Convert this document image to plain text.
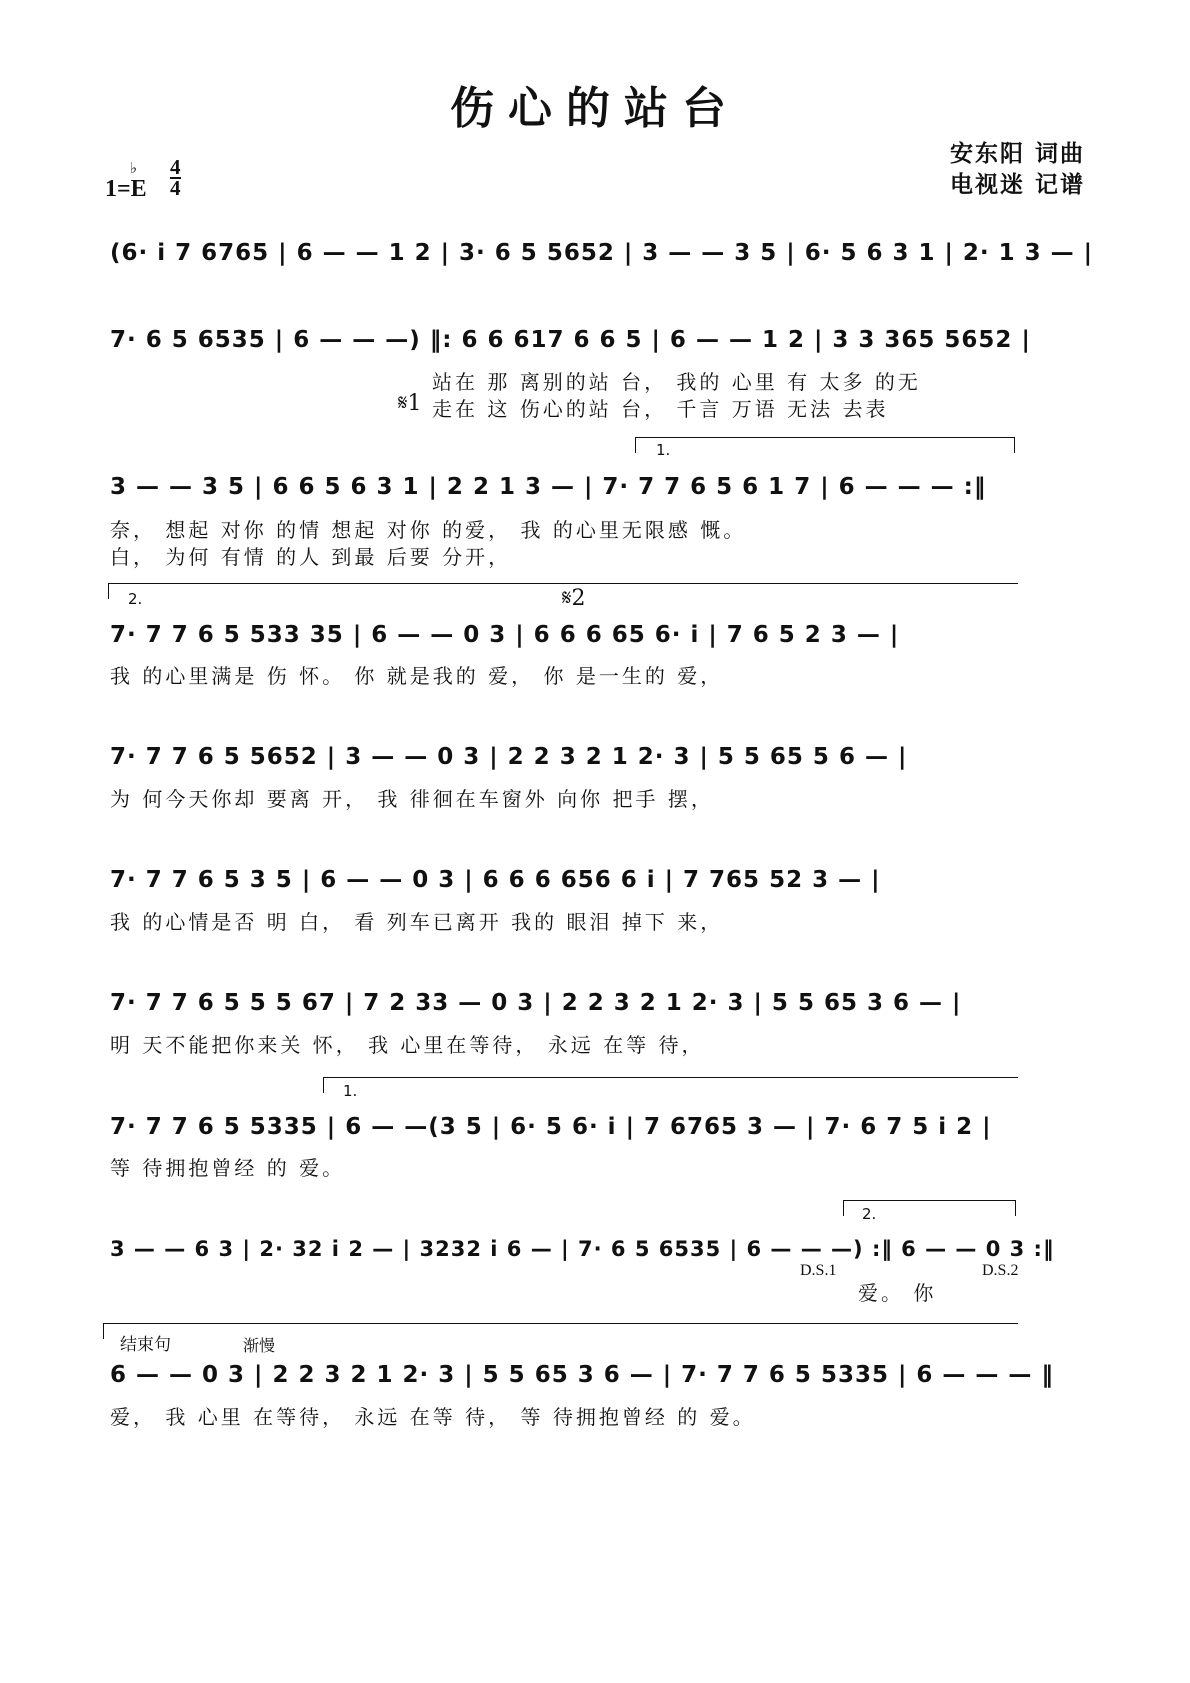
伤心的站台
安东阳 词曲
电视迷 记谱
1=E
♭ 4
4
(6· i 7 6765 | 6 — — 1 2 | 3· 6 5 5652 | 3 — — 3 5 | 6· 5 6 3 1 | 2· 1 3 — |
7· 6 5 6535 | 6 — — —) ‖: 6 6 617 6 6 5 | 6 — — 1 2 | 3 3 365 5652 |
站在 那 离别的站 台， 我的 心里 有 太多 的无
𝄋1 走在 这 伤心的站 台， 千言 万语 无法 去表
1.
3 — — 3 5 | 6 6 5 6 3 1 | 2 2 1 3 — | 7· 7 7 6 5 6 1 7 | 6 — — — :‖
奈， 想起 对你 的情 想起 对你 的爱， 我 的心里无限感 慨。
白， 为何 有情 的人 到最 后要 分开，
2.	𝄋2
7· 7 7 6 5 533 35 | 6 — — 0 3 | 6 6 6 65 6· i | 7 6 5 2 3 — |
我 的心里满是 伤 怀。 你 就是我的 爱， 你 是一生的 爱，
7· 7 7 6 5 5652 | 3 — — 0 3 | 2 2 3 2 1 2· 3 | 5 5 65 5 6 — |
为 何今天你却 要离 开， 我 徘徊在车窗外 向你 把手 摆，
7· 7 7 6 5 3 5 | 6 — — 0 3 | 6 6 6 656 6 i | 7 765 52 3 — |
我 的心情是否 明 白， 看 列车已离开 我的 眼泪 掉下 来，
7· 7 7 6 5 5 5 67 | 7 2 33 — 0 3 | 2 2 3 2 1 2· 3 | 5 5 65 3 6 — |
明 天不能把你来关 怀， 我 心里在等待， 永远 在等 待，
1.
7· 7 7 6 5 5335 | 6 — —(3 5 | 6· 5 6· i | 7 6765 3 — | 7· 6 7 5 i 2 |
等 待拥抱曾经 的 爱。
2.
3 — — 6 3 | 2· 32 i 2 — | 3232 i 6 — | 7· 6 5 6535 | 6 — — —) :‖ 6 — — 0 3 :‖
D.S.1	D.S.2
爱。 你
结束句	渐慢
6 — — 0 3 | 2 2 3 2 1 2· 3 | 5 5 65 3 6 — | 7· 7 7 6 5 5335 | 6 — — — ‖
爱， 我 心里 在等待， 永远 在等 待， 等 待拥抱曾经 的 爱。
